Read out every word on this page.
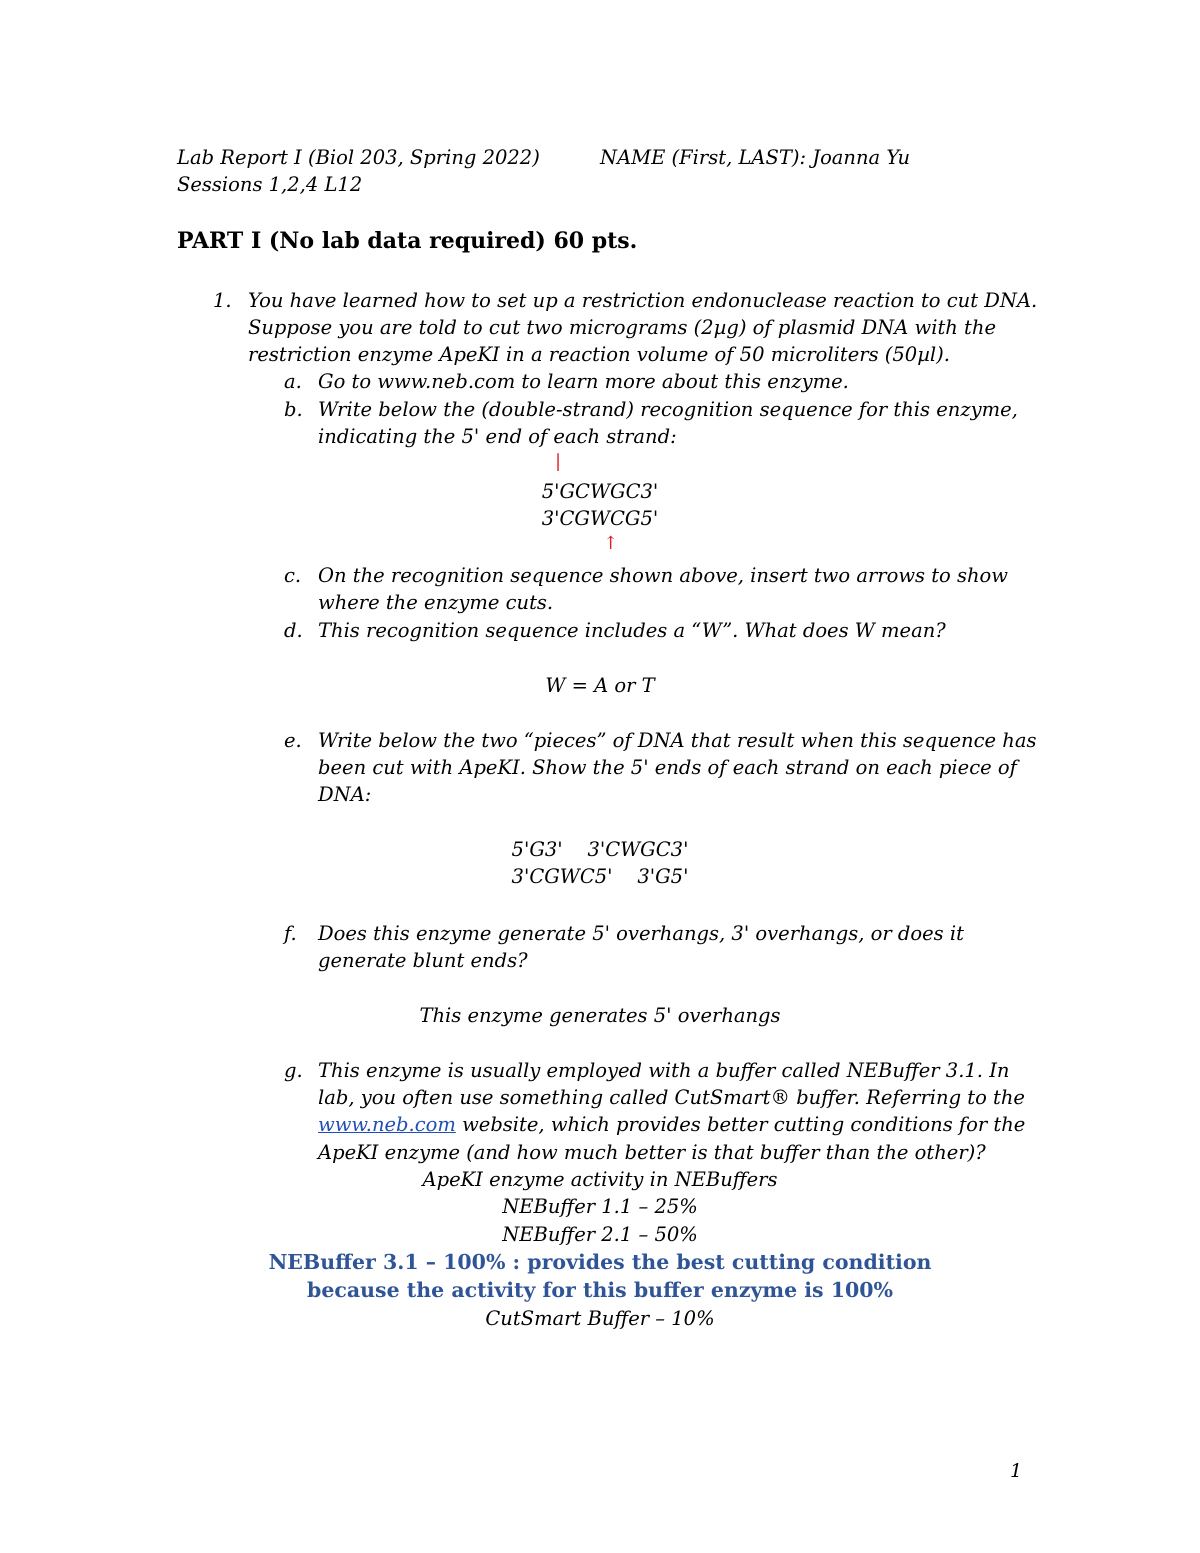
Lab Report I (Biol 203, Spring 2022)	NAME (First, LAST): Joanna Yu
Sessions 1,2,4 L12
PART I (No lab data required) 60 pts.
1. You have learned how to set up a restriction endonuclease reaction to cut DNA.
Suppose you are told to cut two micrograms (2µg) of plasmid DNA with the
restriction enzyme ApeKI in a reaction volume of 50 microliters (50µl).
a. Go to www.neb.com to learn more about this enzyme.
b. Write below the (double-strand) recognition sequence for this enzyme,
indicating the 5' end of each strand:
|
5'GCWGC3'
3'CGWCG5'
↑
c. On the recognition sequence shown above, insert two arrows to show
where the enzyme cuts.
d. This recognition sequence includes a “W”. What does W mean?
W = A or T
e. Write below the two “pieces” of DNA that result when this sequence has
been cut with ApeKI. Show the 5' ends of each strand on each piece of
DNA:
5'G3'    3'CWGC3'
3'CGWC5'    3'G5'
f. Does this enzyme generate 5' overhangs, 3' overhangs, or does it
generate blunt ends?
This enzyme generates 5' overhangs
g. This enzyme is usually employed with a buffer called NEBuffer 3.1. In
lab, you often use something called CutSmart® buffer. Referring to the
www.neb.com website, which provides better cutting conditions for the
ApeKI enzyme (and how much better is that buffer than the other)?
ApeKI enzyme activity in NEBuffers
NEBuffer 1.1 – 25%
NEBuffer 2.1 – 50%
NEBuffer 3.1 – 100% : provides the best cutting condition
because the activity for this buffer enzyme is 100%
CutSmart Buffer – 10%
1
